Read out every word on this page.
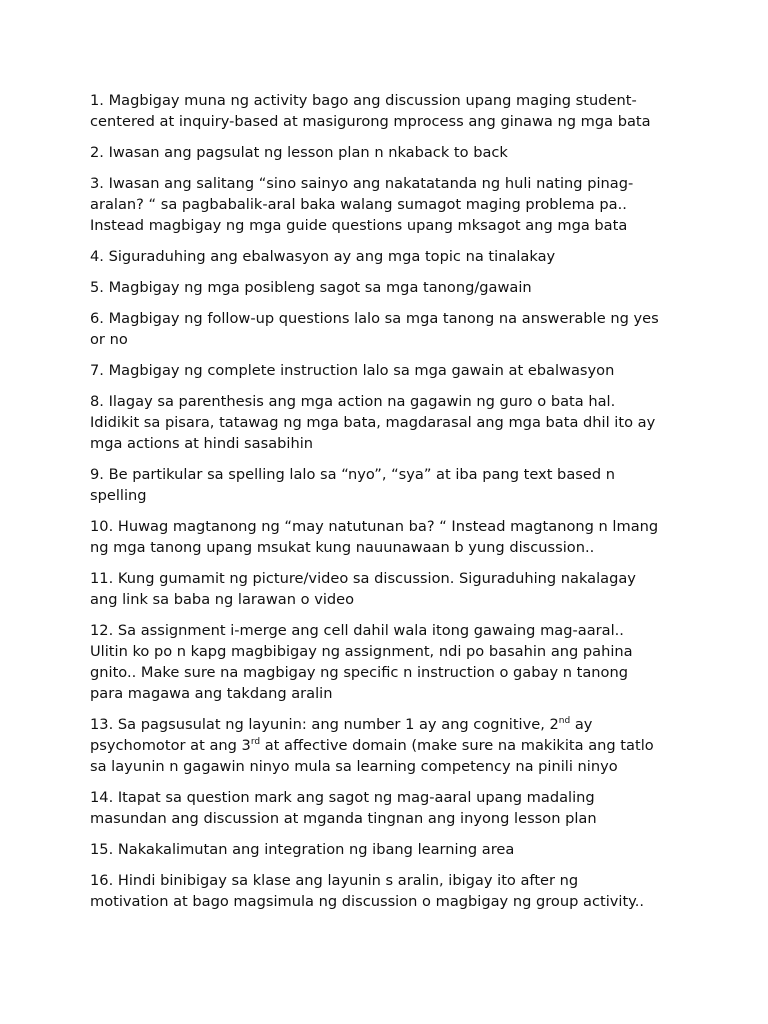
1. Magbigay muna ng activity bago ang discussion upang maging student-
centered at inquiry-based at masigurong mprocess ang ginawa ng mga bata

2. Iwasan ang pagsulat ng lesson plan n nkaback to back

3. Iwasan ang salitang “sino sainyo ang nakatatanda ng huli nating pinag-
aralan? “ sa pagbabalik-aral baka walang sumagot maging problema pa..
Instead magbigay ng mga guide questions upang mksagot ang mga bata

4. Siguraduhing ang ebalwasyon ay ang mga topic na tinalakay

5. Magbigay ng mga posibleng sagot sa mga tanong/gawain

6. Magbigay ng follow-up questions lalo sa mga tanong na answerable ng yes
or no

7. Magbigay ng complete instruction lalo sa mga gawain at ebalwasyon

8. Ilagay sa parenthesis ang mga action na gagawin ng guro o bata hal.
Ididikit sa pisara, tatawag ng mga bata, magdarasal ang mga bata dhil ito ay
mga actions at hindi sasabihin

9. Be partikular sa spelling lalo sa “nyo”, “sya” at iba pang text based n
spelling

10. Huwag magtanong ng “may natutunan ba? “ Instead magtanong n lmang
ng mga tanong upang msukat kung nauunawaan b yung discussion..

11. Kung gumamit ng picture/video sa discussion. Siguraduhing nakalagay
ang link sa baba ng larawan o video

12. Sa assignment i-merge ang cell dahil wala itong gawaing mag-aaral..
Ulitin ko po n kapg magbibigay ng assignment, ndi po basahin ang pahina
gnito.. Make sure na magbigay ng specific n instruction o gabay n tanong
para magawa ang takdang aralin

13. Sa pagsusulat ng layunin: ang number 1 ay ang cognitive, 2nd ay
psychomotor at ang 3rd at affective domain (make sure na makikita ang tatlo
sa layunin n gagawin ninyo mula sa learning competency na pinili ninyo

14. Itapat sa question mark ang sagot ng mag-aaral upang madaling
masundan ang discussion at mganda tingnan ang inyong lesson plan

15. Nakakalimutan ang integration ng ibang learning area

16. Hindi binibigay sa klase ang layunin s aralin, ibigay ito after ng
motivation at bago magsimula ng discussion o magbigay ng group activity..
